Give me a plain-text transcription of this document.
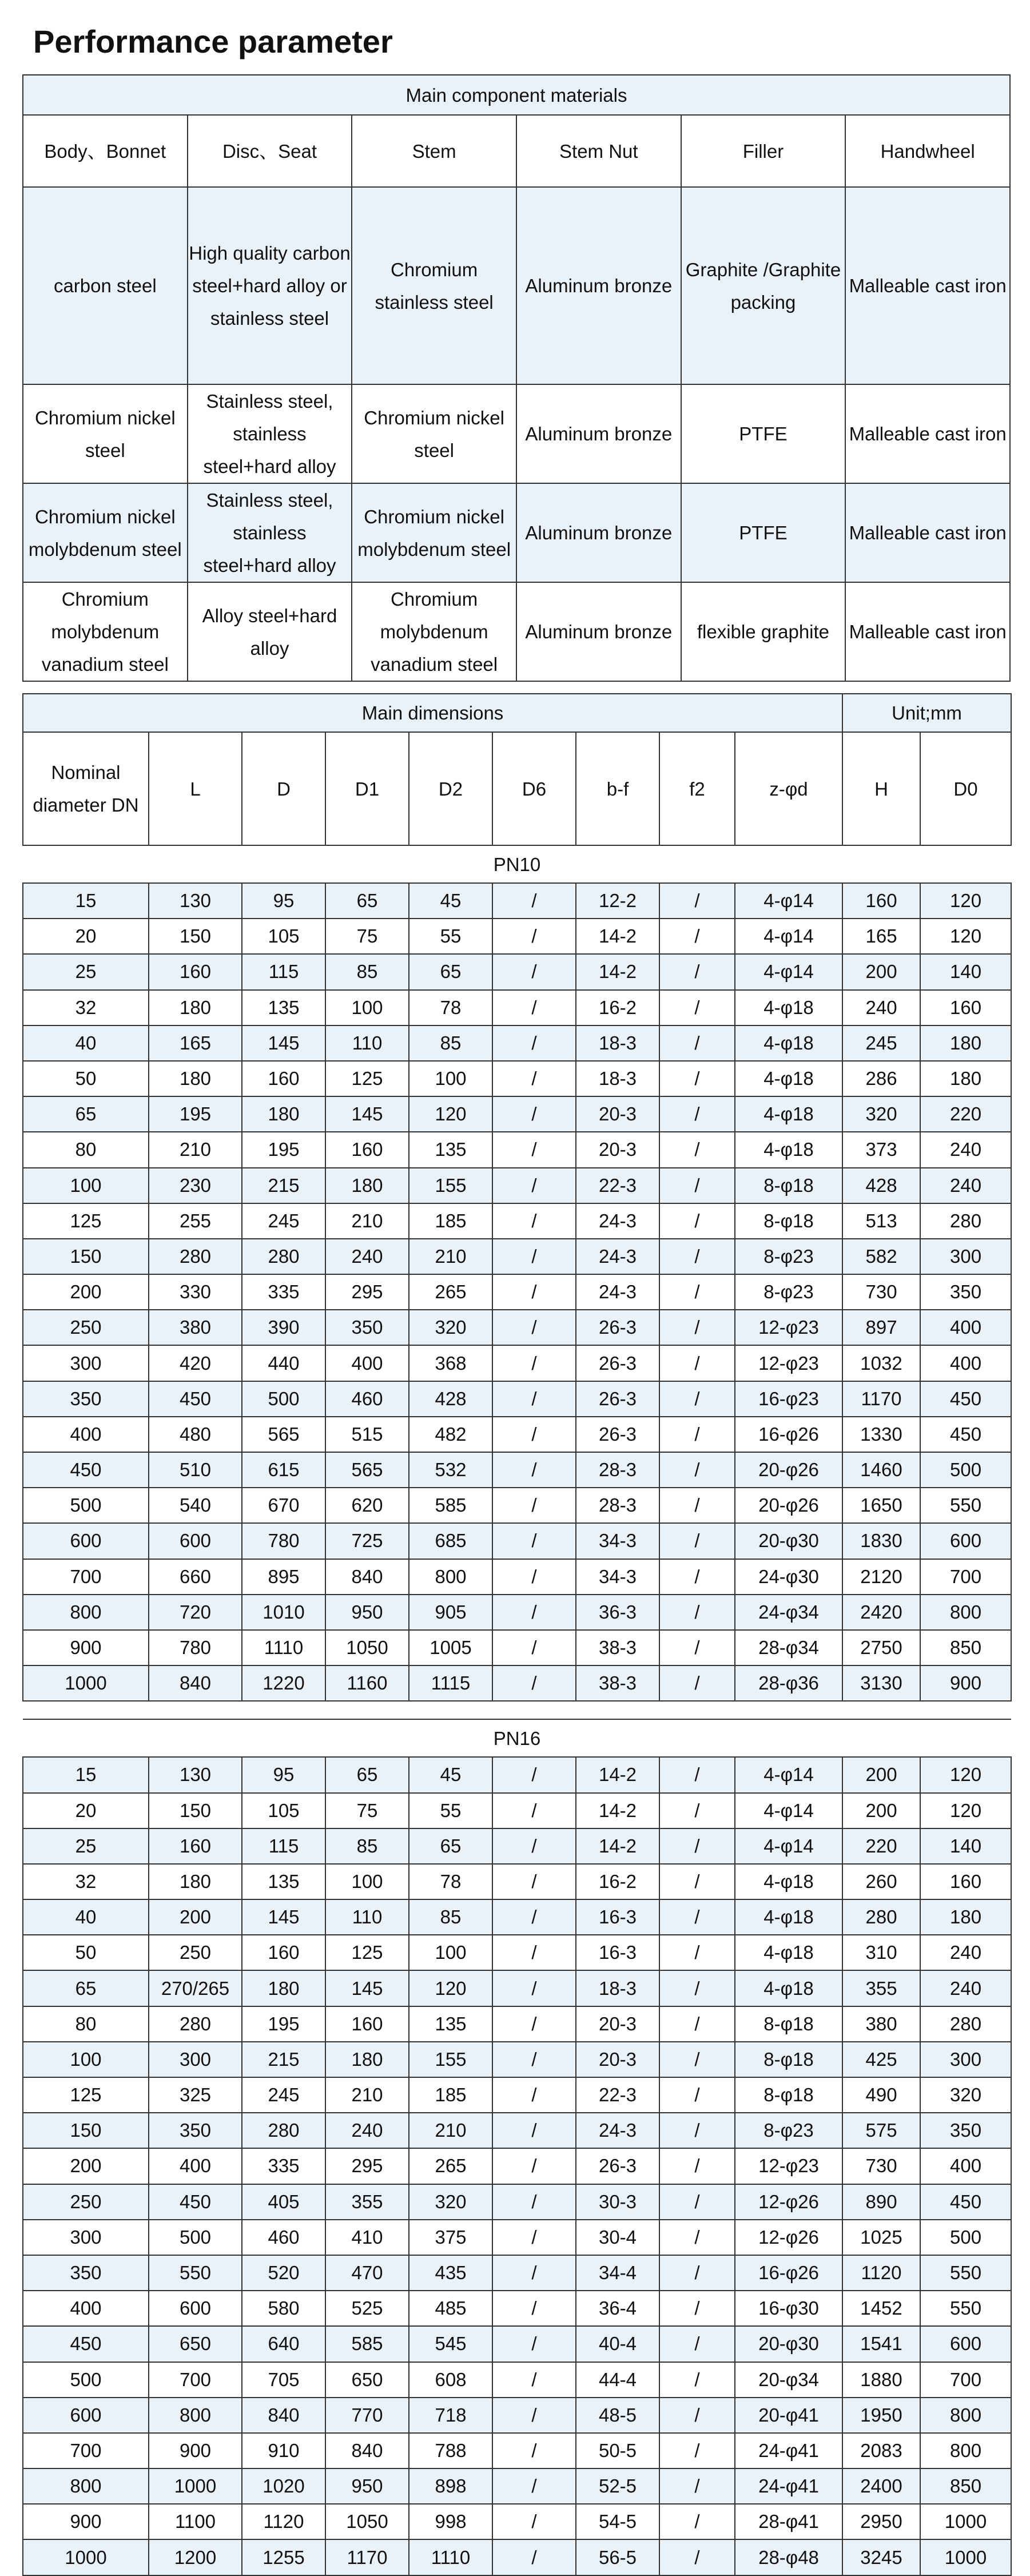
Performance parameter
Main component materials					
Body、Bonnet	Disc、Seat	Stem	Stem Nut	Filler	Handwheel
carbon steel	High quality carbon steel+hard alloy or stainless steel	Chromium stainless steel	Aluminum bronze	Graphite /Graphite packing	Malleable cast iron
Chromium nickel steel	Stainless steel, stainless steel+hard alloy	Chromium nickel steel	Aluminum bronze	PTFE	Malleable cast iron
Chromium nickel molybdenum steel	Stainless steel, stainless steel+hard alloy	Chromium nickel molybdenum steel	Aluminum bronze	PTFE	Malleable cast iron
Chromium molybdenum vanadium steel	Alloy steel+hard alloy	Chromium molybdenum vanadium steel	Aluminum bronze	flexible graphite	Malleable cast iron
Main dimensions									Unit;mm	
Nominal diameter DN	L	D	D1	D2	D6	b-f	f2	z-φd	H	D0
PN10										
15	130	95	65	45	/	12-2	/	4-φ14	160	120
20	150	105	75	55	/	14-2	/	4-φ14	165	120
25	160	115	85	65	/	14-2	/	4-φ14	200	140
32	180	135	100	78	/	16-2	/	4-φ18	240	160
40	165	145	110	85	/	18-3	/	4-φ18	245	180
50	180	160	125	100	/	18-3	/	4-φ18	286	180
65	195	180	145	120	/	20-3	/	4-φ18	320	220
80	210	195	160	135	/	20-3	/	4-φ18	373	240
100	230	215	180	155	/	22-3	/	8-φ18	428	240
125	255	245	210	185	/	24-3	/	8-φ18	513	280
150	280	280	240	210	/	24-3	/	8-φ23	582	300
200	330	335	295	265	/	24-3	/	8-φ23	730	350
250	380	390	350	320	/	26-3	/	12-φ23	897	400
300	420	440	400	368	/	26-3	/	12-φ23	1032	400
350	450	500	460	428	/	26-3	/	16-φ23	1170	450
400	480	565	515	482	/	26-3	/	16-φ26	1330	450
450	510	615	565	532	/	28-3	/	20-φ26	1460	500
500	540	670	620	585	/	28-3	/	20-φ26	1650	550
600	600	780	725	685	/	34-3	/	20-φ30	1830	600
700	660	895	840	800	/	34-3	/	24-φ30	2120	700
800	720	1010	950	905	/	36-3	/	24-φ34	2420	800
900	780	1110	1050	1005	/	38-3	/	28-φ34	2750	850
1000	840	1220	1160	1115	/	38-3	/	28-φ36	3130	900

PN16										
15	130	95	65	45	/	14-2	/	4-φ14	200	120
20	150	105	75	55	/	14-2	/	4-φ14	200	120
25	160	115	85	65	/	14-2	/	4-φ14	220	140
32	180	135	100	78	/	16-2	/	4-φ18	260	160
40	200	145	110	85	/	16-3	/	4-φ18	280	180
50	250	160	125	100	/	16-3	/	4-φ18	310	240
65	270/265	180	145	120	/	18-3	/	4-φ18	355	240
80	280	195	160	135	/	20-3	/	8-φ18	380	280
100	300	215	180	155	/	20-3	/	8-φ18	425	300
125	325	245	210	185	/	22-3	/	8-φ18	490	320
150	350	280	240	210	/	24-3	/	8-φ23	575	350
200	400	335	295	265	/	26-3	/	12-φ23	730	400
250	450	405	355	320	/	30-3	/	12-φ26	890	450
300	500	460	410	375	/	30-4	/	12-φ26	1025	500
350	550	520	470	435	/	34-4	/	16-φ26	1120	550
400	600	580	525	485	/	36-4	/	16-φ30	1452	550
450	650	640	585	545	/	40-4	/	20-φ30	1541	600
500	700	705	650	608	/	44-4	/	20-φ34	1880	700
600	800	840	770	718	/	48-5	/	20-φ41	1950	800
700	900	910	840	788	/	50-5	/	24-φ41	2083	800
800	1000	1020	950	898	/	52-5	/	24-φ41	2400	850
900	1100	1120	1050	998	/	54-5	/	28-φ41	2950	1000
1000	1200	1255	1170	1110	/	56-5	/	28-φ48	3245	1000
